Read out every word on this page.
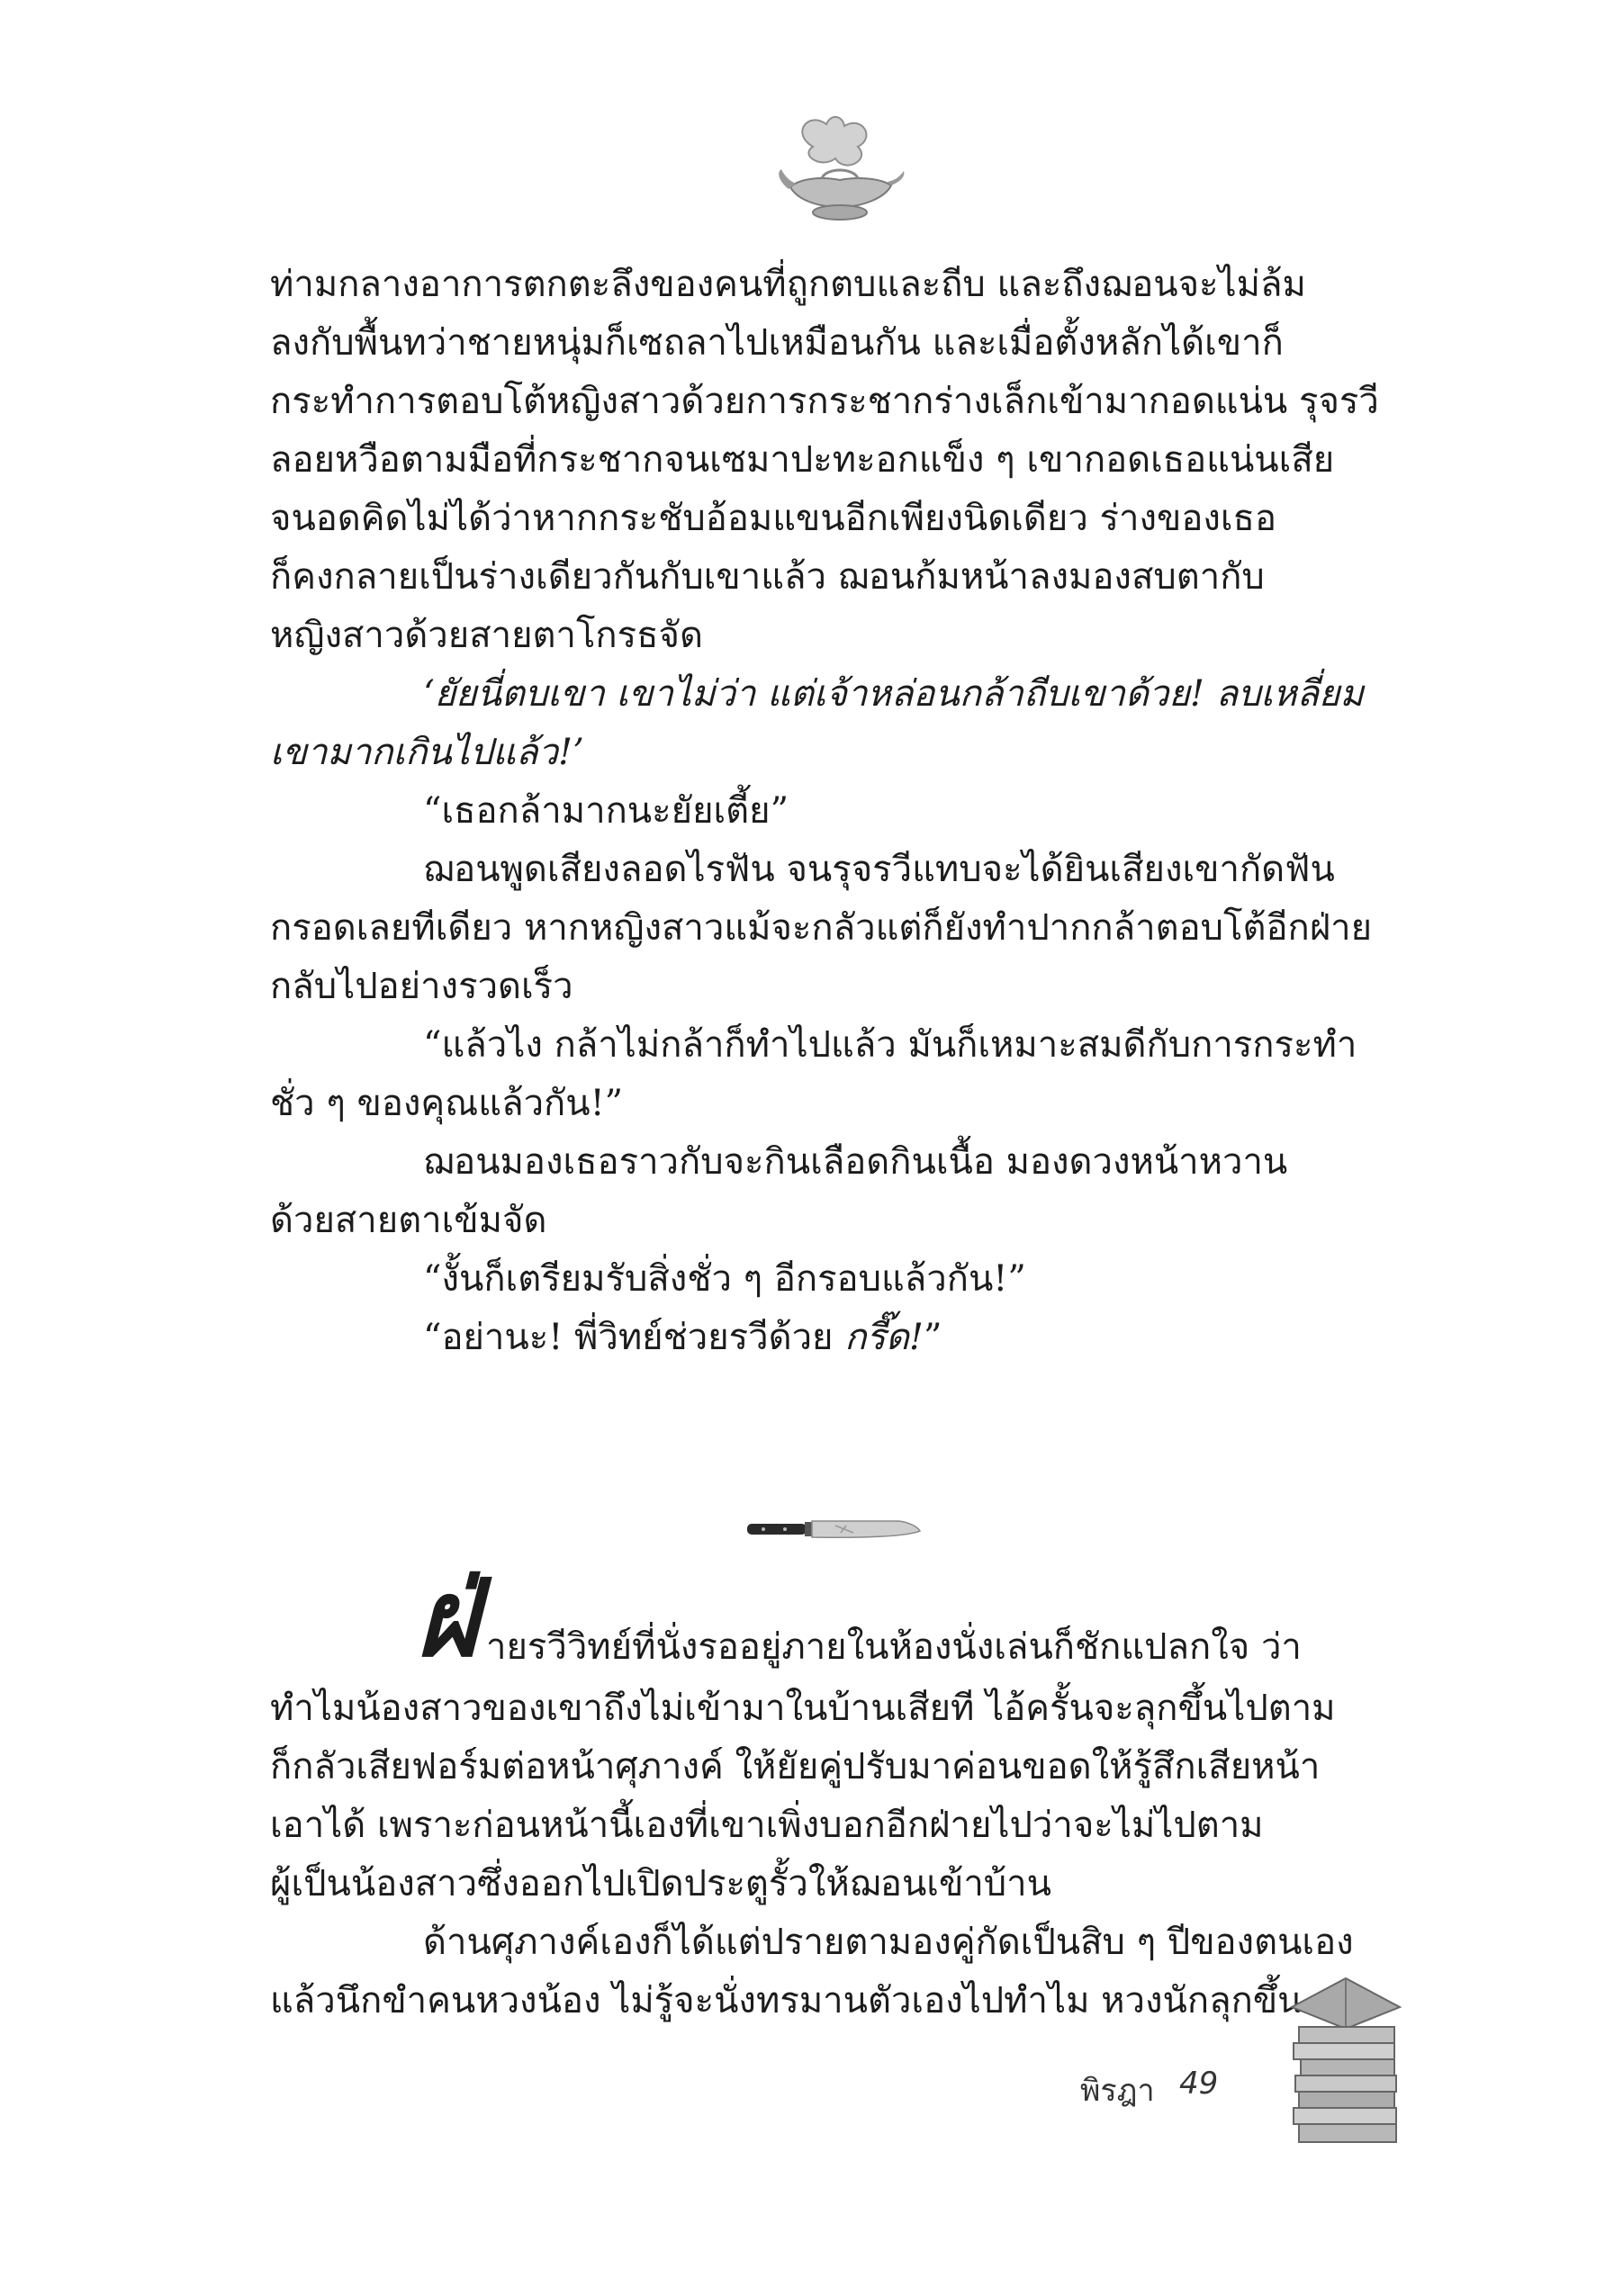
ท่ามกลางอาการตกตะลึงของคนที่ถูกตบและถีบ และถึงฌอนจะไม่ล้ม
ลงกับพื้นทว่าชายหนุ่มก็เซถลาไปเหมือนกัน และเมื่อตั้งหลักได้เขาก็
กระทำการตอบโต้หญิงสาวด้วยการกระชากร่างเล็กเข้ามากอดแน่น รุจรวี
ลอยหวือตามมือที่กระชากจนเซมาปะทะอกแข็ง ๆ เขากอดเธอแน่นเสีย
จนอดคิดไม่ได้ว่าหากกระชับอ้อมแขนอีกเพียงนิดเดียว ร่างของเธอ
ก็คงกลายเป็นร่างเดียวกันกับเขาแล้ว ฌอนก้มหน้าลงมองสบตากับ
หญิงสาวด้วยสายตาโกรธจัด
‘ยัยนี่ตบเขา เขาไม่ว่า แต่เจ้าหล่อนกล้าถีบเขาด้วย! ลบเหลี่ยม
เขามากเกินไปแล้ว!’
“เธอกล้ามากนะยัยเตี้ย”
ฌอนพูดเสียงลอดไรฟัน จนรุจรวีแทบจะได้ยินเสียงเขากัดฟัน
กรอดเลยทีเดียว หากหญิงสาวแม้จะกลัวแต่ก็ยังทำปากกล้าตอบโต้อีกฝ่าย
กลับไปอย่างรวดเร็ว
“แล้วไง กล้าไม่กล้าก็ทำไปแล้ว มันก็เหมาะสมดีกับการกระทำ
ชั่ว ๆ ของคุณแล้วกัน!”
ฌอนมองเธอราวกับจะกินเลือดกินเนื้อ มองดวงหน้าหวาน
ด้วยสายตาเข้มจัด
“งั้นก็เตรียมรับสิ่งชั่ว ๆ อีกรอบแล้วกัน!”
“อย่านะ! พี่วิทย์ช่วยรวีด้วย กรี๊ด!”
ฝ่ ายรวีวิทย์ที่นั่งรออยู่ภายในห้องนั่งเล่นก็ชักแปลกใจ ว่า
ทำไมน้องสาวของเขาถึงไม่เข้ามาในบ้านเสียที ไอ้ครั้นจะลุกขึ้นไปตาม
ก็กลัวเสียฟอร์มต่อหน้าศุภางค์ ให้ยัยคู่ปรับมาค่อนขอดให้รู้สึกเสียหน้า
เอาได้ เพราะก่อนหน้านี้เองที่เขาเพิ่งบอกอีกฝ่ายไปว่าจะไม่ไปตาม
ผู้เป็นน้องสาวซึ่งออกไปเปิดประตูรั้วให้ฌอนเข้าบ้าน
ด้านศุภางค์เองก็ได้แต่ปรายตามองคู่กัดเป็นสิบ ๆ ปีของตนเอง
แล้วนึกขำคนหวงน้อง ไม่รู้จะนั่งทรมานตัวเองไปทำไม หวงนักลุกขึ้น
พิรฎา 49
